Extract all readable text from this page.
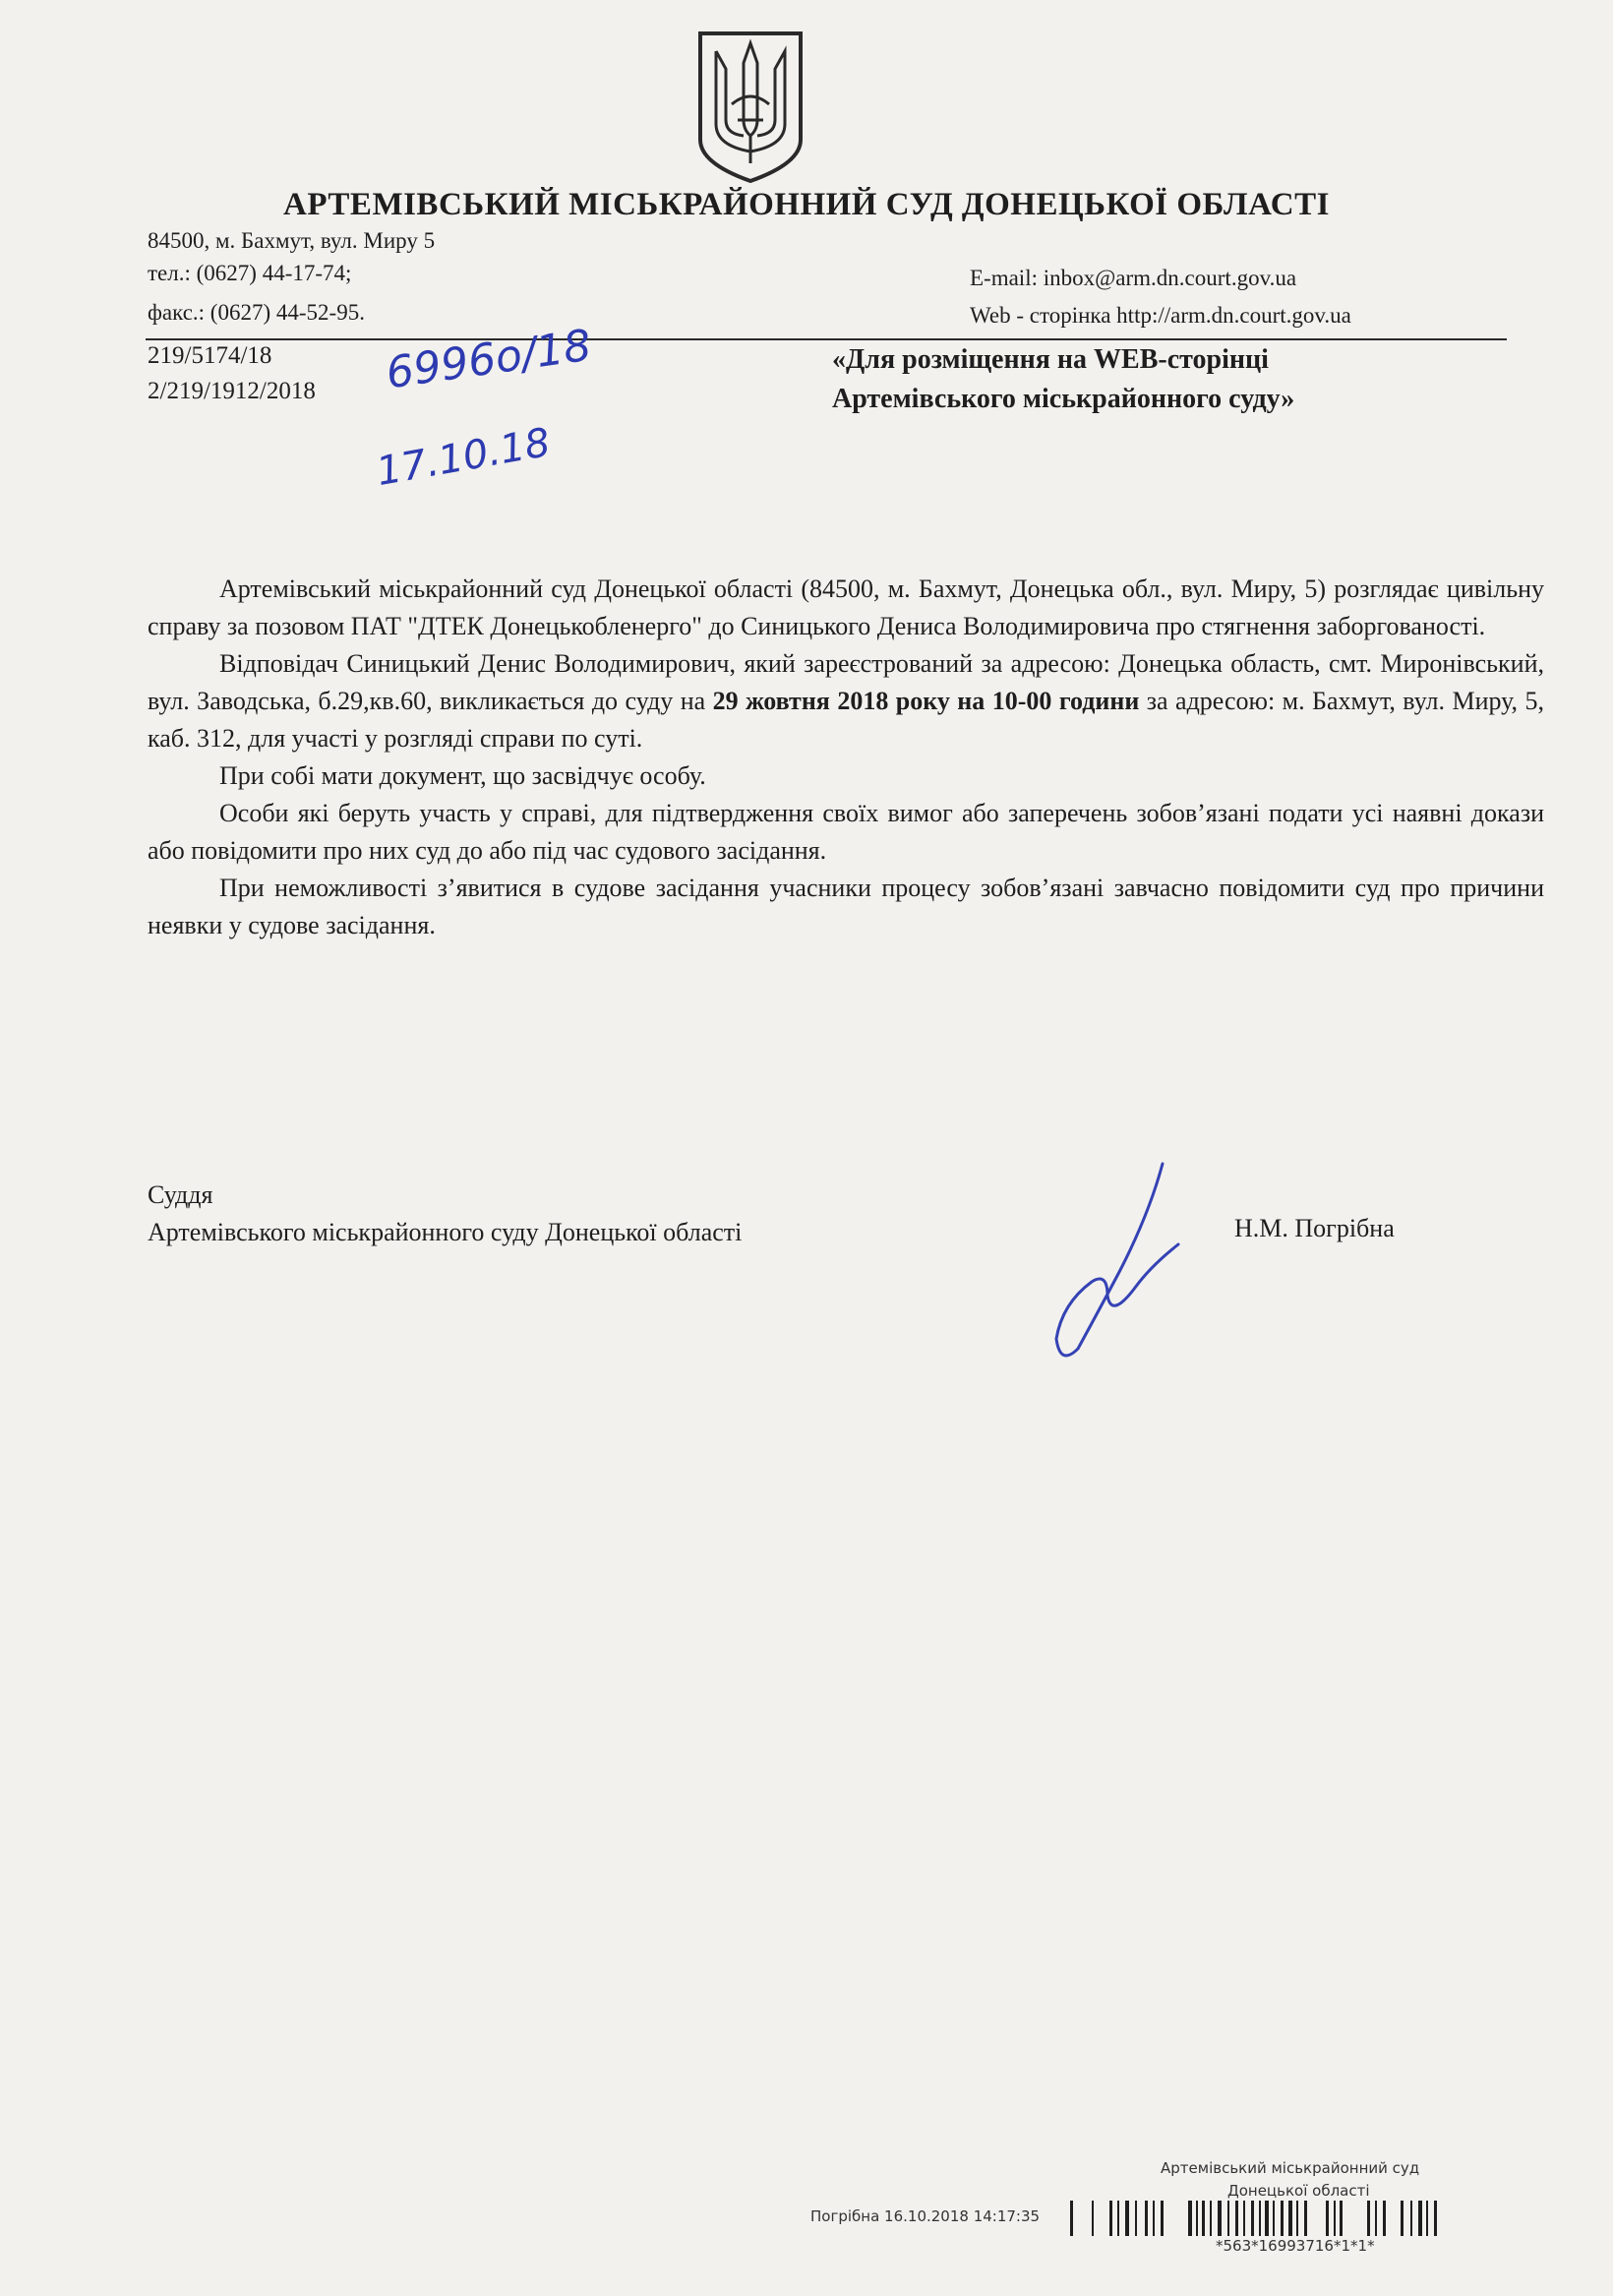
АРТЕМІВСЬКИЙ МІСЬКРАЙОННИЙ СУД ДОНЕЦЬКОЇ ОБЛАСТІ
84500, м. Бахмут, вул. Миру 5
тел.: (0627) 44-17-74;
факс.: (0627) 44-52-95.
E-mail: inbox@arm.dn.court.gov.ua
Web - сторінка http://arm.dn.court.gov.ua
219/5174/18
2/219/1912/2018 6996о/18
17.10.18
«Для розміщення на WEB-сторінці
Артемівського міськрайонного суду»

Артемівський міськрайонний суд Донецької області (84500, м. Бахмут, Донецька обл., вул. Миру, 5) розглядає цивільну справу за позовом ПАТ "ДТЕК Донецькобленерго" до Синицького Дениса Володимировича про стягнення заборгованості.

Відповідач Синицький Денис Володимирович, який зареєстрований за адресою: Донецька область, смт. Миронівський, вул. Заводська, б.29,кв.60, викликається до суду на 29 жовтня 2018 року на 10-00 години за адресою: м. Бахмут, вул. Миру, 5, каб. 312, для участі у розгляді справи по суті.

При собі мати документ, що засвідчує особу.

Особи які беруть участь у справі, для підтвердження своїх вимог або заперечень зобов’язані подати усі наявні докази або повідомити про них суд до або під час судового засідання.

При неможливості з’явитися в судове засідання учасники процесу зобов’язані завчасно повідомити суд про причини неявки у судове засідання.

Суддя
Артемівського міськрайонного суду Донецької області	Н.М. Погрібна
Артемівський міськрайонний суд
Донецької області
Погрібна 16.10.2018 14:17:35
*563*16993716*1*1*
